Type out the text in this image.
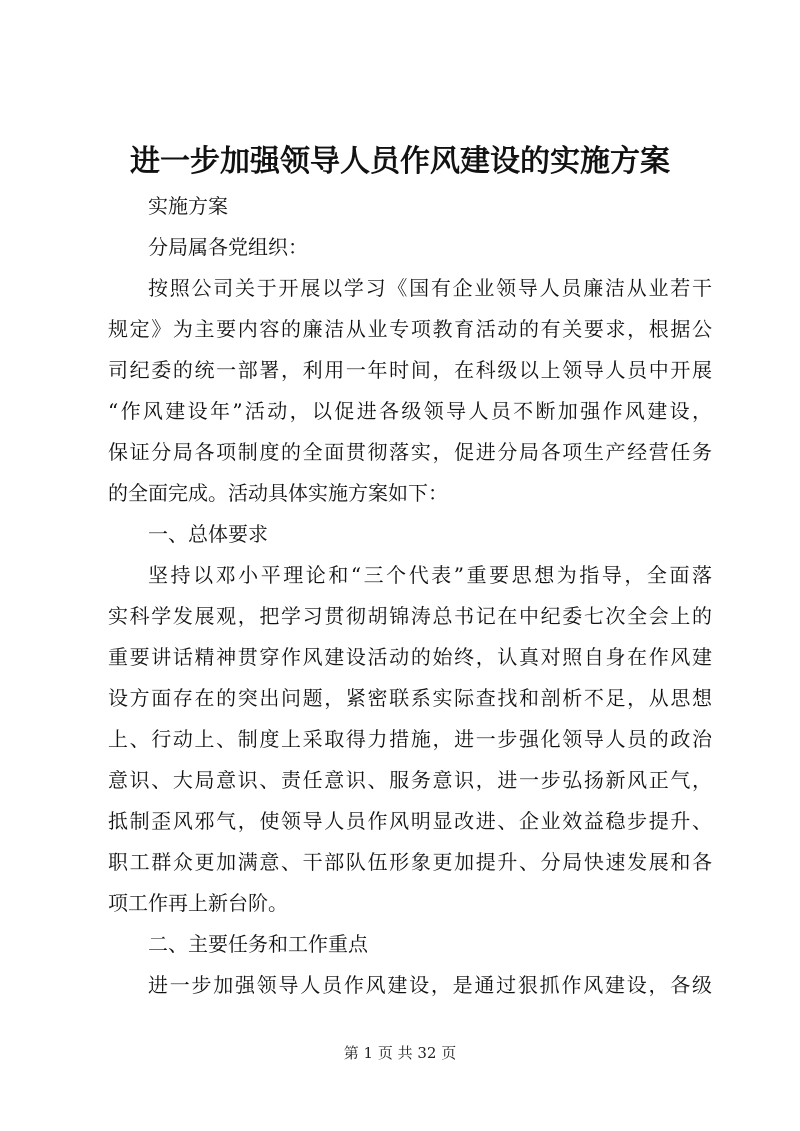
进一步加强领导人员作风建设的实施方案
实施方案
分局属各党组织：
按照公司关于开展以学习《国有企业领导人员廉洁从业若干
规定》为主要内容的廉洁从业专项教育活动的有关要求，根据公
司纪委的统一部署，利用一年时间，在科级以上领导人员中开展
“作风建设年”活动，以促进各级领导人员不断加强作风建设，
保证分局各项制度的全面贯彻落实，促进分局各项生产经营任务
的全面完成。活动具体实施方案如下：
一、总体要求
坚持以邓小平理论和“三个代表”重要思想为指导，全面落
实科学发展观，把学习贯彻胡锦涛总书记在中纪委七次全会上的
重要讲话精神贯穿作风建设活动的始终，认真对照自身在作风建
设方面存在的突出问题，紧密联系实际查找和剖析不足，从思想
上、行动上、制度上采取得力措施，进一步强化领导人员的政治
意识、大局意识、责任意识、服务意识，进一步弘扬新风正气，
抵制歪风邪气，使领导人员作风明显改进、企业效益稳步提升、
职工群众更加满意、干部队伍形象更加提升、分局快速发展和各
项工作再上新台阶。
二、主要任务和工作重点
进一步加强领导人员作风建设，是通过狠抓作风建设，各级
第 1 页 共 32 页
